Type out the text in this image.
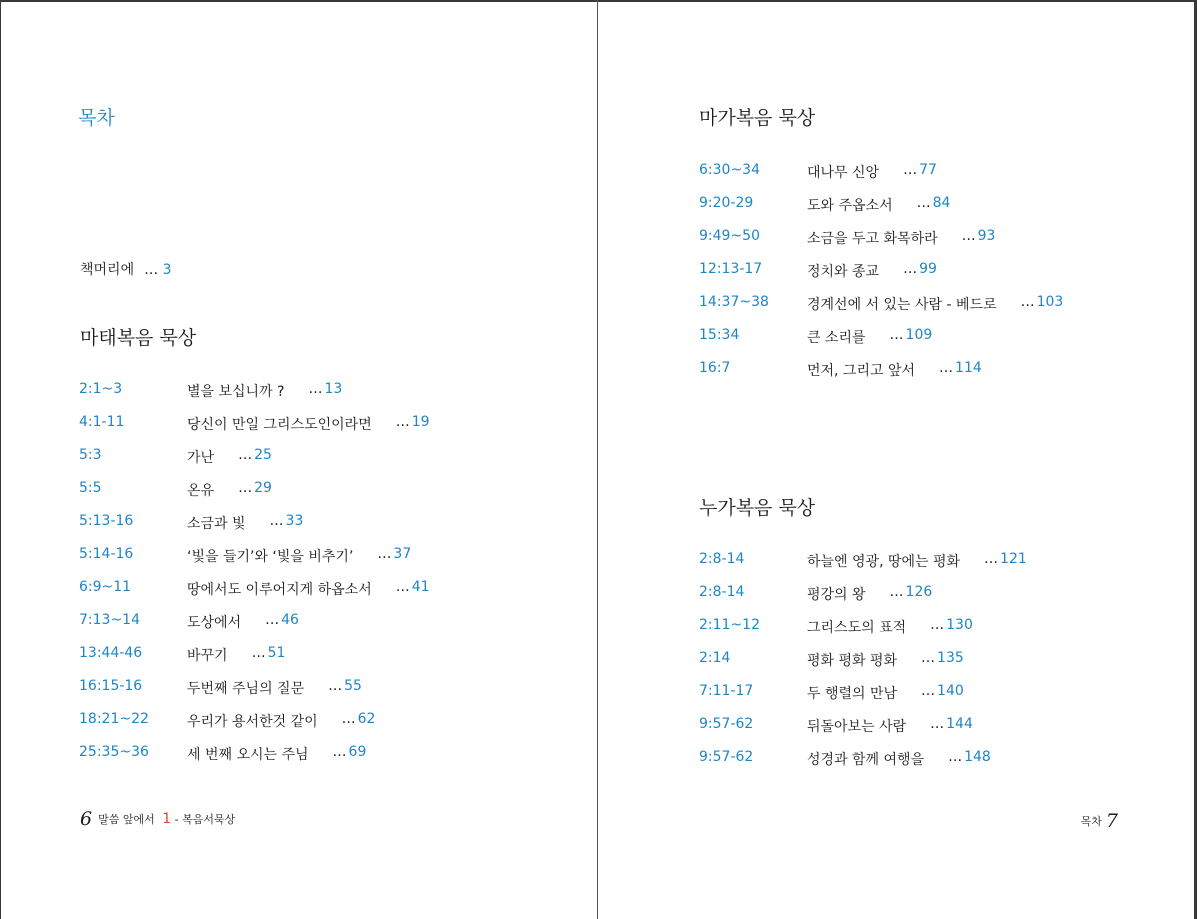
목차
책머리에 … 3
마태복음 묵상
2:1~3	별을 보십니까 ? … 13
4:1-11	당신이 만일 그리스도인이라면 … 19
5:3	가난 … 25
5:5	온유 … 29
5:13-16	소금과 빛 … 33
5:14-16	‘빛을 들기’와 ‘빛을 비추기’ … 37
6:9~11	땅에서도 이루어지게 하옵소서 … 41
7:13~14	도상에서 … 46
13:44-46	바꾸기 … 51
16:15-16	두번째 주님의 질문 … 55
18:21~22	우리가 용서한것 같이 … 62
25:35~36	세 번째 오시는 주님 … 69
6 말씀 앞에서 1 - 복음서묵상
마가복음 묵상
6:30~34	대나무 신앙 … 77
9:20-29	도와 주옵소서 … 84
9:49~50	소금을 두고 화목하라 … 93
12:13-17	정치와 종교 … 99
14:37~38	경계선에 서 있는 사람 - 베드로 … 103
15:34	큰 소리를 … 109
16:7	먼저, 그리고 앞서 … 114
누가복음 묵상
2:8-14	하늘엔 영광, 땅에는 평화 … 121
2:8-14	평강의 왕 … 126
2:11~12	그리스도의 표적 … 130
2:14	평화 평화 평화 … 135
7:11-17	두 행렬의 만남 … 140
9:57-62	뒤돌아보는 사람 … 144
9:57-62	성경과 함께 여행을 … 148
목차 7
